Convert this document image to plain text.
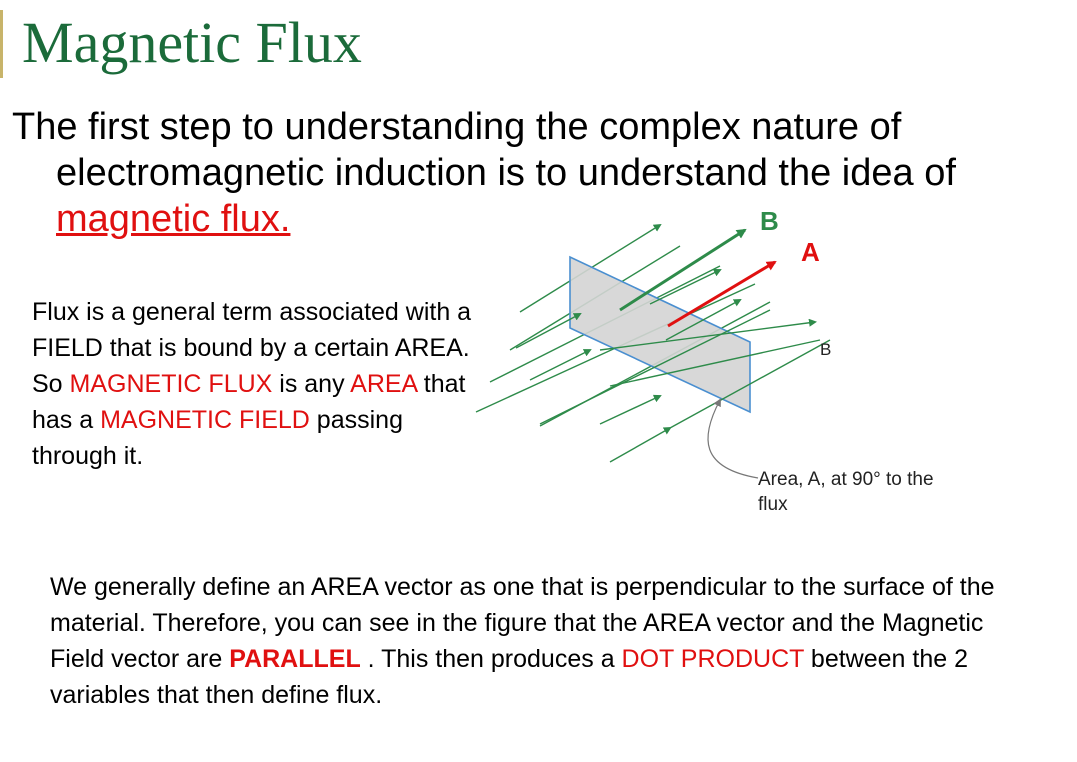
Magnetic Flux

The first step to understanding the complex nature of electromagnetic induction is to understand the idea of magnetic flux.

Flux is a general term associated with a FIELD that is bound by a certain AREA. So MAGNETIC FLUX is any AREA that has a MAGNETIC FIELD passing through it.

B
A
B
Area, A, at 90° to the
flux

We generally define an AREA vector as one that is perpendicular to the surface of the material. Therefore, you can see in the figure that the AREA vector and the Magnetic Field vector are PARALLEL . This then produces a DOT PRODUCT between the 2 variables that then define flux.
